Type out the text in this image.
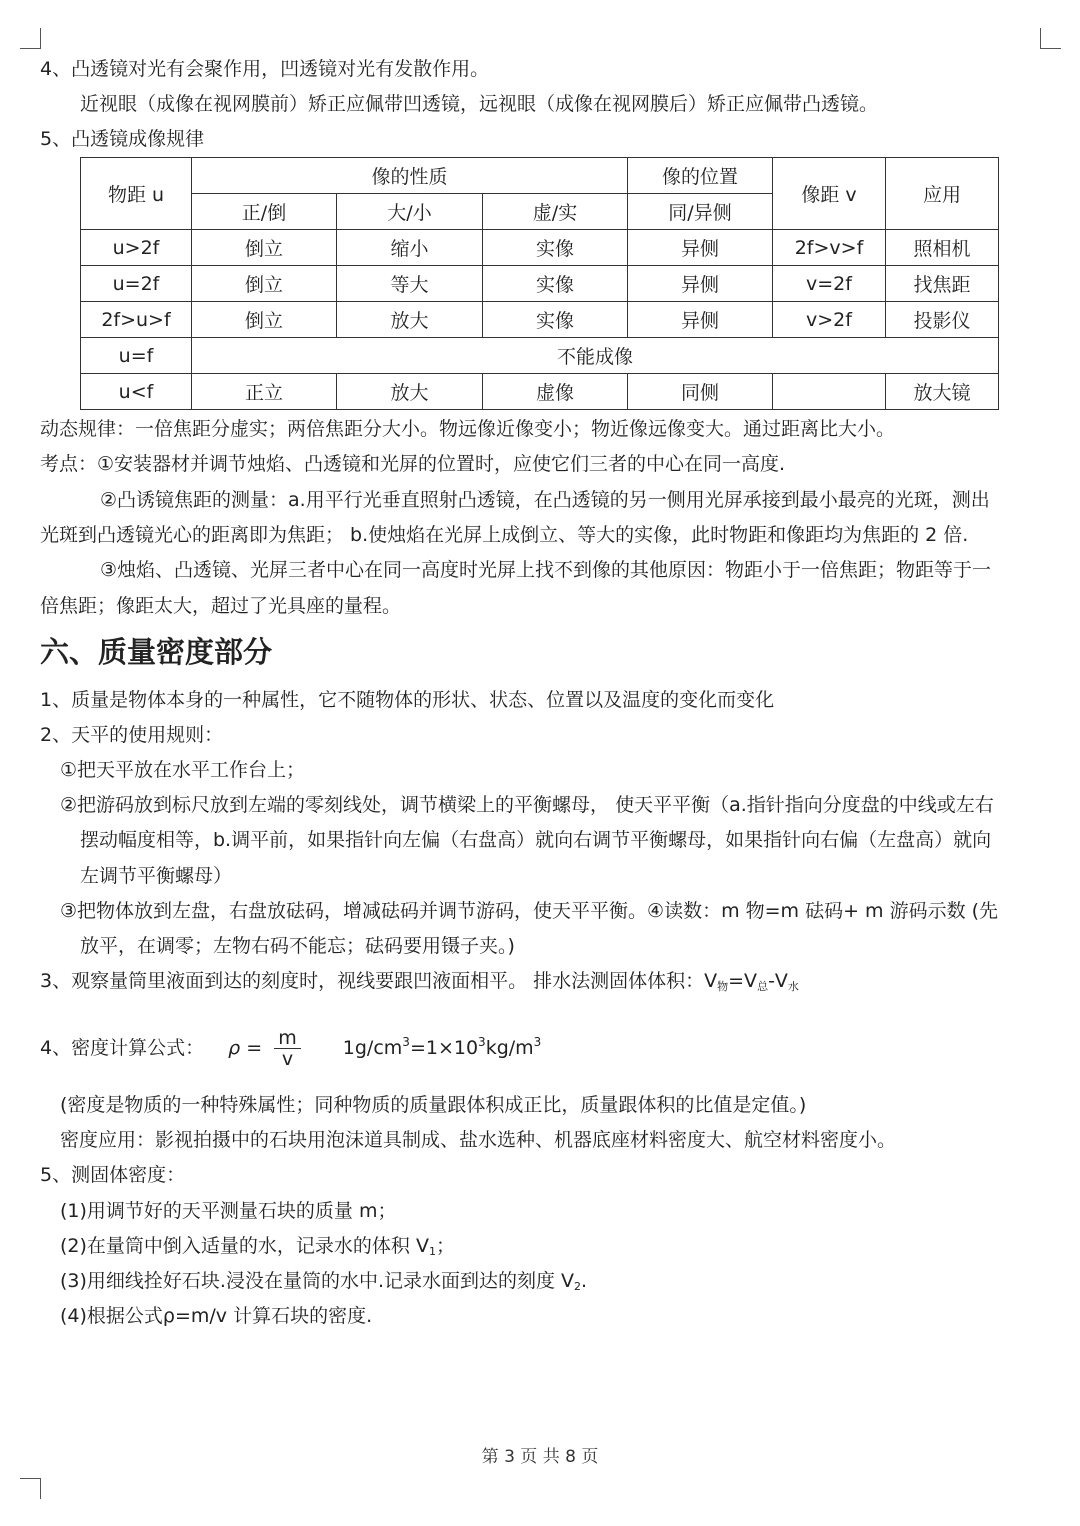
4、凸透镜对光有会聚作用，凹透镜对光有发散作用。
近视眼（成像在视网膜前）矫正应佩带凹透镜，远视眼（成像在视网膜后）矫正应佩带凸透镜。
5、凸透镜成像规律
物距 u	像的性质			像的位置	像距 v	应用
	正/倒	大/小	虚/实	同/异侧		
u>2f	倒立	缩小	实像	异侧	2f>v>f	照相机
u=2f	倒立	等大	实像	异侧	v=2f	找焦距
2f>u>f	倒立	放大	实像	异侧	v>2f	投影仪
u=f	不能成像					
u<f	正立	放大	虚像	同侧		放大镜
动态规律：一倍焦距分虚实；两倍焦距分大小。物远像近像变小；物近像远像变大。通过距离比大小。
考点：①安装器材并调节烛焰、凸透镜和光屏的位置时，应使它们三者的中心在同一高度.
②凸诱镜焦距的测量：a.用平行光垂直照射凸透镜，在凸透镜的另一侧用光屏承接到最小最亮的光斑，测出
光斑到凸透镜光心的距离即为焦距； b.使烛焰在光屏上成倒立、等大的实像，此时物距和像距均为焦距的 2 倍.
③烛焰、凸透镜、光屏三者中心在同一高度时光屏上找不到像的其他原因：物距小于一倍焦距；物距等于一
倍焦距；像距太大，超过了光具座的量程。
六、质量密度部分
1、质量是物体本身的一种属性，它不随物体的形状、状态、位置以及温度的变化而变化
2、天平的使用规则：
①把天平放在水平工作台上；
②把游码放到标尺放到左端的零刻线处，调节横梁上的平衡螺母， 使天平平衡（a.指针指向分度盘的中线或左右
摆动幅度相等，b.调平前，如果指针向左偏（右盘高）就向右调节平衡螺母，如果指针向右偏（左盘高）就向
左调节平衡螺母）
③把物体放到左盘，右盘放砝码，增减砝码并调节游码，使天平平衡。④读数：m 物=m 砝码+ m 游码示数 (先
放平，在调零；左物右码不能忘；砝码要用镊子夹。)
3、观察量筒里液面到达的刻度时，视线要跟凹液面相平。 排水法测固体体积：$V_物=V_总-V_水$
4、密度计算公式： $\rho = \frac{m}{v} 1g/cm^3=1\times 10^3kg/m^3$
(密度是物质的一种特殊属性；同种物质的质量跟体积成正比，质量跟体积的比值是定值。)
密度应用：影视拍摄中的石块用泡沫道具制成、盐水选种、机器底座材料密度大、航空材料密度小。
5、测固体密度：
(1)用调节好的天平测量石块的质量 m；
(2)在量筒中倒入适量的水，记录水的体积 $V_1$；
(3)用细线拴好石块.浸没在量筒的水中.记录水面到达的刻度 $V_2$.
(4)根据公式ρ=m/v 计算石块的密度.
第 3 页 共 8 页
